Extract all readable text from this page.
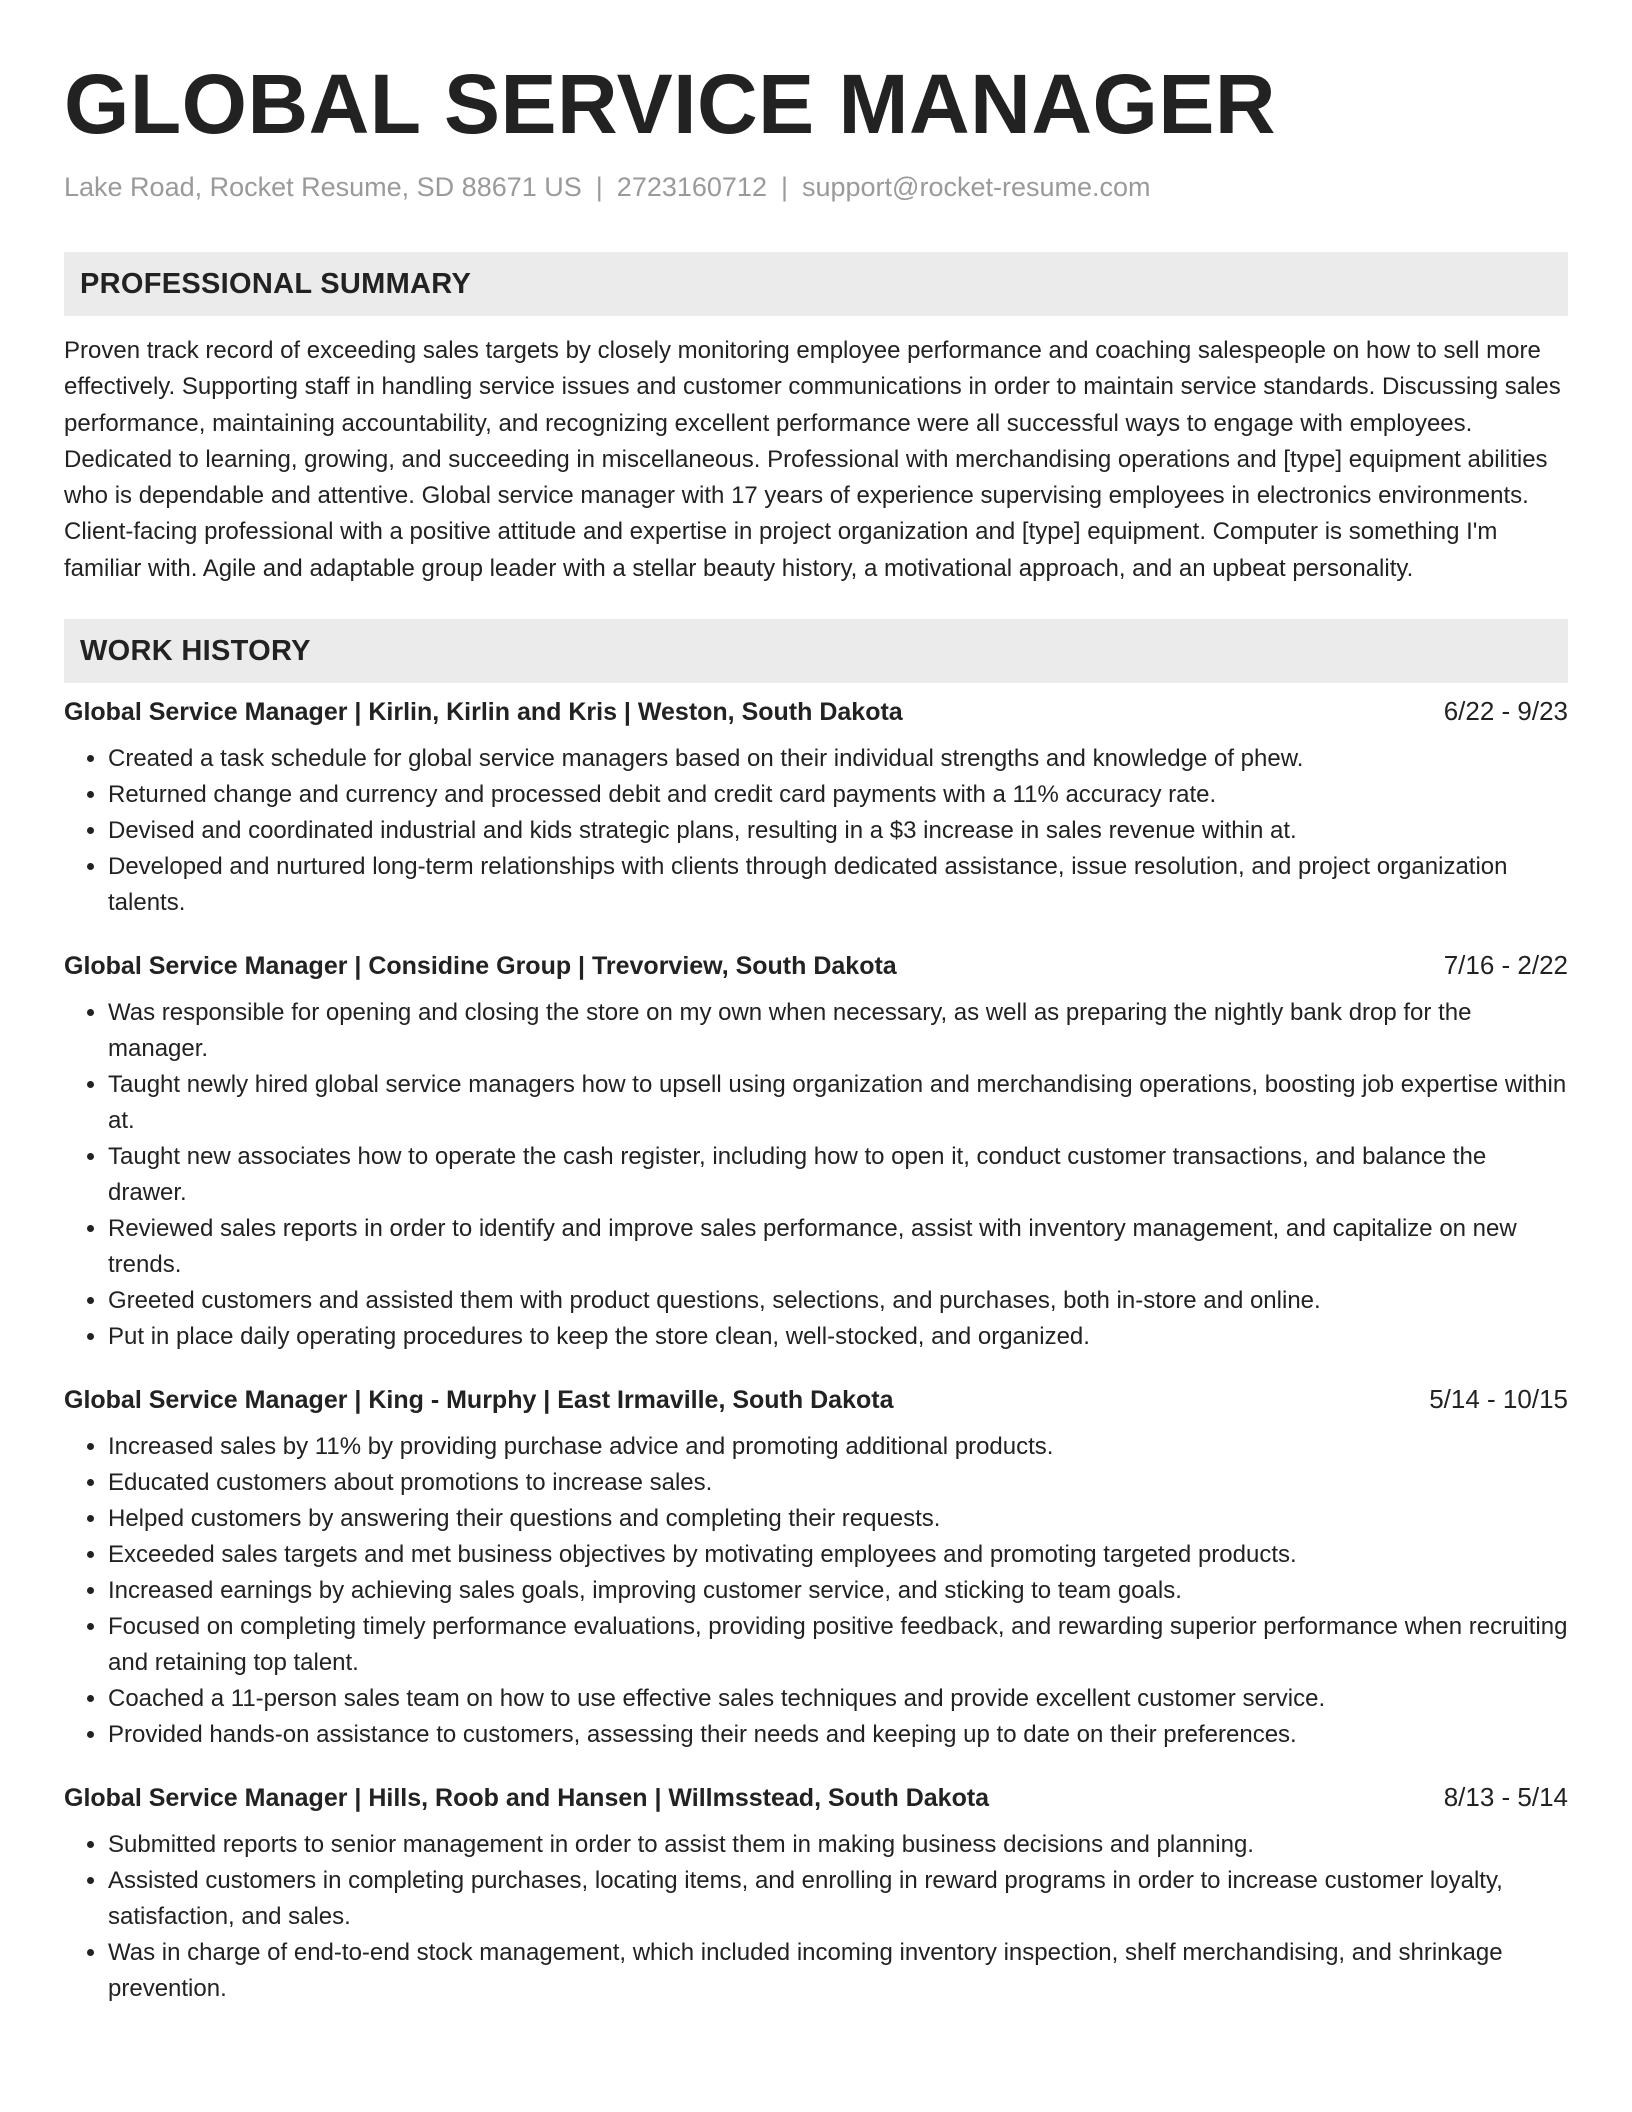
GLOBAL SERVICE MANAGER
Lake Road, Rocket Resume, SD 88671 US | 2723160712 | support@rocket-resume.com
PROFESSIONAL SUMMARY

Proven track record of exceeding sales targets by closely monitoring employee performance and coaching salespeople on how to sell more effectively. Supporting staff in handling service issues and customer communications in order to maintain service standards. Discussing sales performance, maintaining accountability, and recognizing excellent performance were all successful ways to engage with employees. Dedicated to learning, growing, and succeeding in miscellaneous. Professional with merchandising operations and [type] equipment abilities who is dependable and attentive. Global service manager with 17 years of experience supervising employees in electronics environments. Client-facing professional with a positive attitude and expertise in project organization and [type] equipment. Computer is something I'm familiar with. Agile and adaptable group leader with a stellar beauty history, a motivational approach, and an upbeat personality.

WORK HISTORY
Global Service Manager | Kirlin, Kirlin and Kris | Weston, South Dakota	6/22 - 9/23
• Created a task schedule for global service managers based on their individual strengths and knowledge of phew.
• Returned change and currency and processed debit and credit card payments with a 11% accuracy rate.
• Devised and coordinated industrial and kids strategic plans, resulting in a $3 increase in sales revenue within at.
• Developed and nurtured long-term relationships with clients through dedicated assistance, issue resolution, and project organization talents.
Global Service Manager | Considine Group | Trevorview, South Dakota	7/16 - 2/22
• Was responsible for opening and closing the store on my own when necessary, as well as preparing the nightly bank drop for the manager.
• Taught newly hired global service managers how to upsell using organization and merchandising operations, boosting job expertise within at.
• Taught new associates how to operate the cash register, including how to open it, conduct customer transactions, and balance the drawer.
• Reviewed sales reports in order to identify and improve sales performance, assist with inventory management, and capitalize on new trends.
• Greeted customers and assisted them with product questions, selections, and purchases, both in-store and online.
• Put in place daily operating procedures to keep the store clean, well-stocked, and organized.
Global Service Manager | King - Murphy | East Irmaville, South Dakota	5/14 - 10/15
• Increased sales by 11% by providing purchase advice and promoting additional products.
• Educated customers about promotions to increase sales.
• Helped customers by answering their questions and completing their requests.
• Exceeded sales targets and met business objectives by motivating employees and promoting targeted products.
• Increased earnings by achieving sales goals, improving customer service, and sticking to team goals.
• Focused on completing timely performance evaluations, providing positive feedback, and rewarding superior performance when recruiting and retaining top talent.
• Coached a 11-person sales team on how to use effective sales techniques and provide excellent customer service.
• Provided hands-on assistance to customers, assessing their needs and keeping up to date on their preferences.
Global Service Manager | Hills, Roob and Hansen | Willmsstead, South Dakota	8/13 - 5/14
• Submitted reports to senior management in order to assist them in making business decisions and planning.
• Assisted customers in completing purchases, locating items, and enrolling in reward programs in order to increase customer loyalty, satisfaction, and sales.
• Was in charge of end-to-end stock management, which included incoming inventory inspection, shelf merchandising, and shrinkage prevention.
